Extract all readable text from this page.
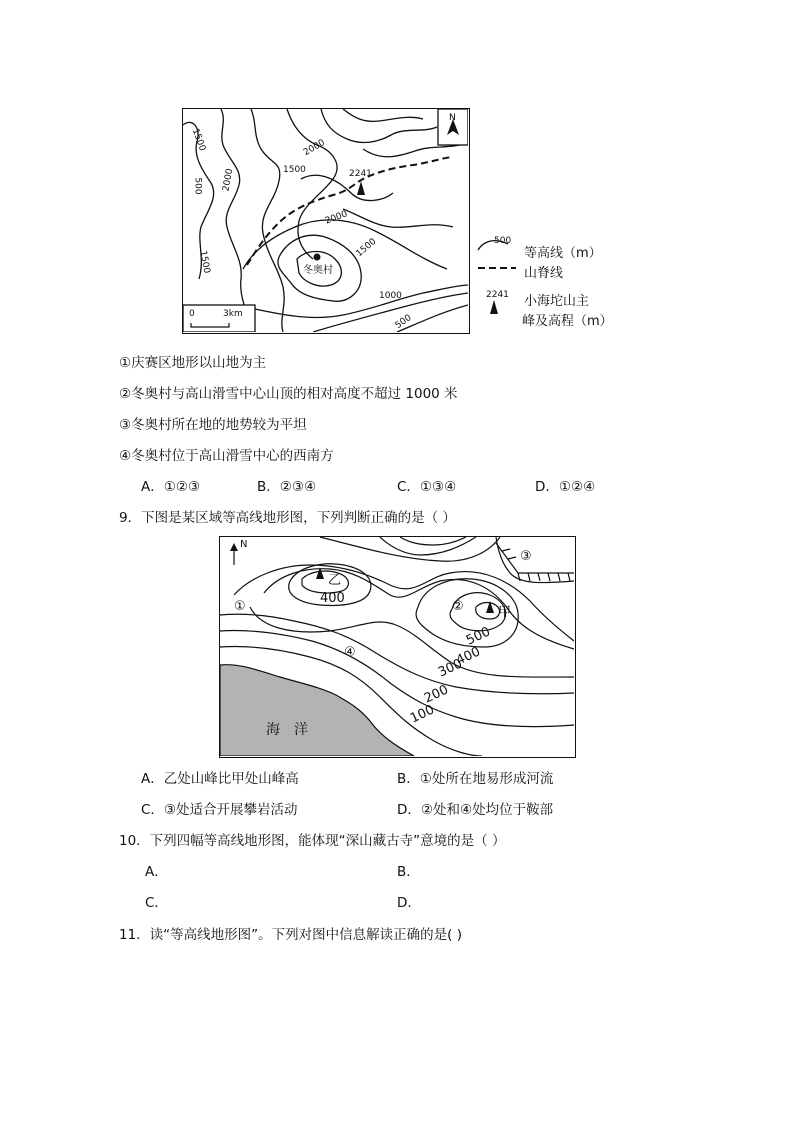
N
1500
500 2000	1500
2000
2000
1500
1500
1000
500
2241
冬奥村
0	3km
500
等高线（m）
山脊线
2241 小海坨山主
峰及高程（m）
①庆赛区地形以山地为主
②冬奥村与高山滑雪中心山顶的相对高度不超过 1000 米
③冬奥村所在地的地势较为平坦
④冬奥村位于高山滑雪中心的西南方
A．①②③	B．②③④	C．①③④	D．①②④
9．下图是某区域等高线地形图，下列判断正确的是（ ）
N
乙
甲
400
500
400
300
200
100
①	②
③
④
海　洋
A．乙处山峰比甲处山峰高	B．①处所在地易形成河流
C．③处适合开展攀岩活动	D．②处和④处均位于鞍部
10．下列四幅等高线地形图，能体现“深山藏古寺”意境的是（ ）
A．	B．
C．	D．
11．读“等高线地形图”。下列对图中信息解读正确的是( )
